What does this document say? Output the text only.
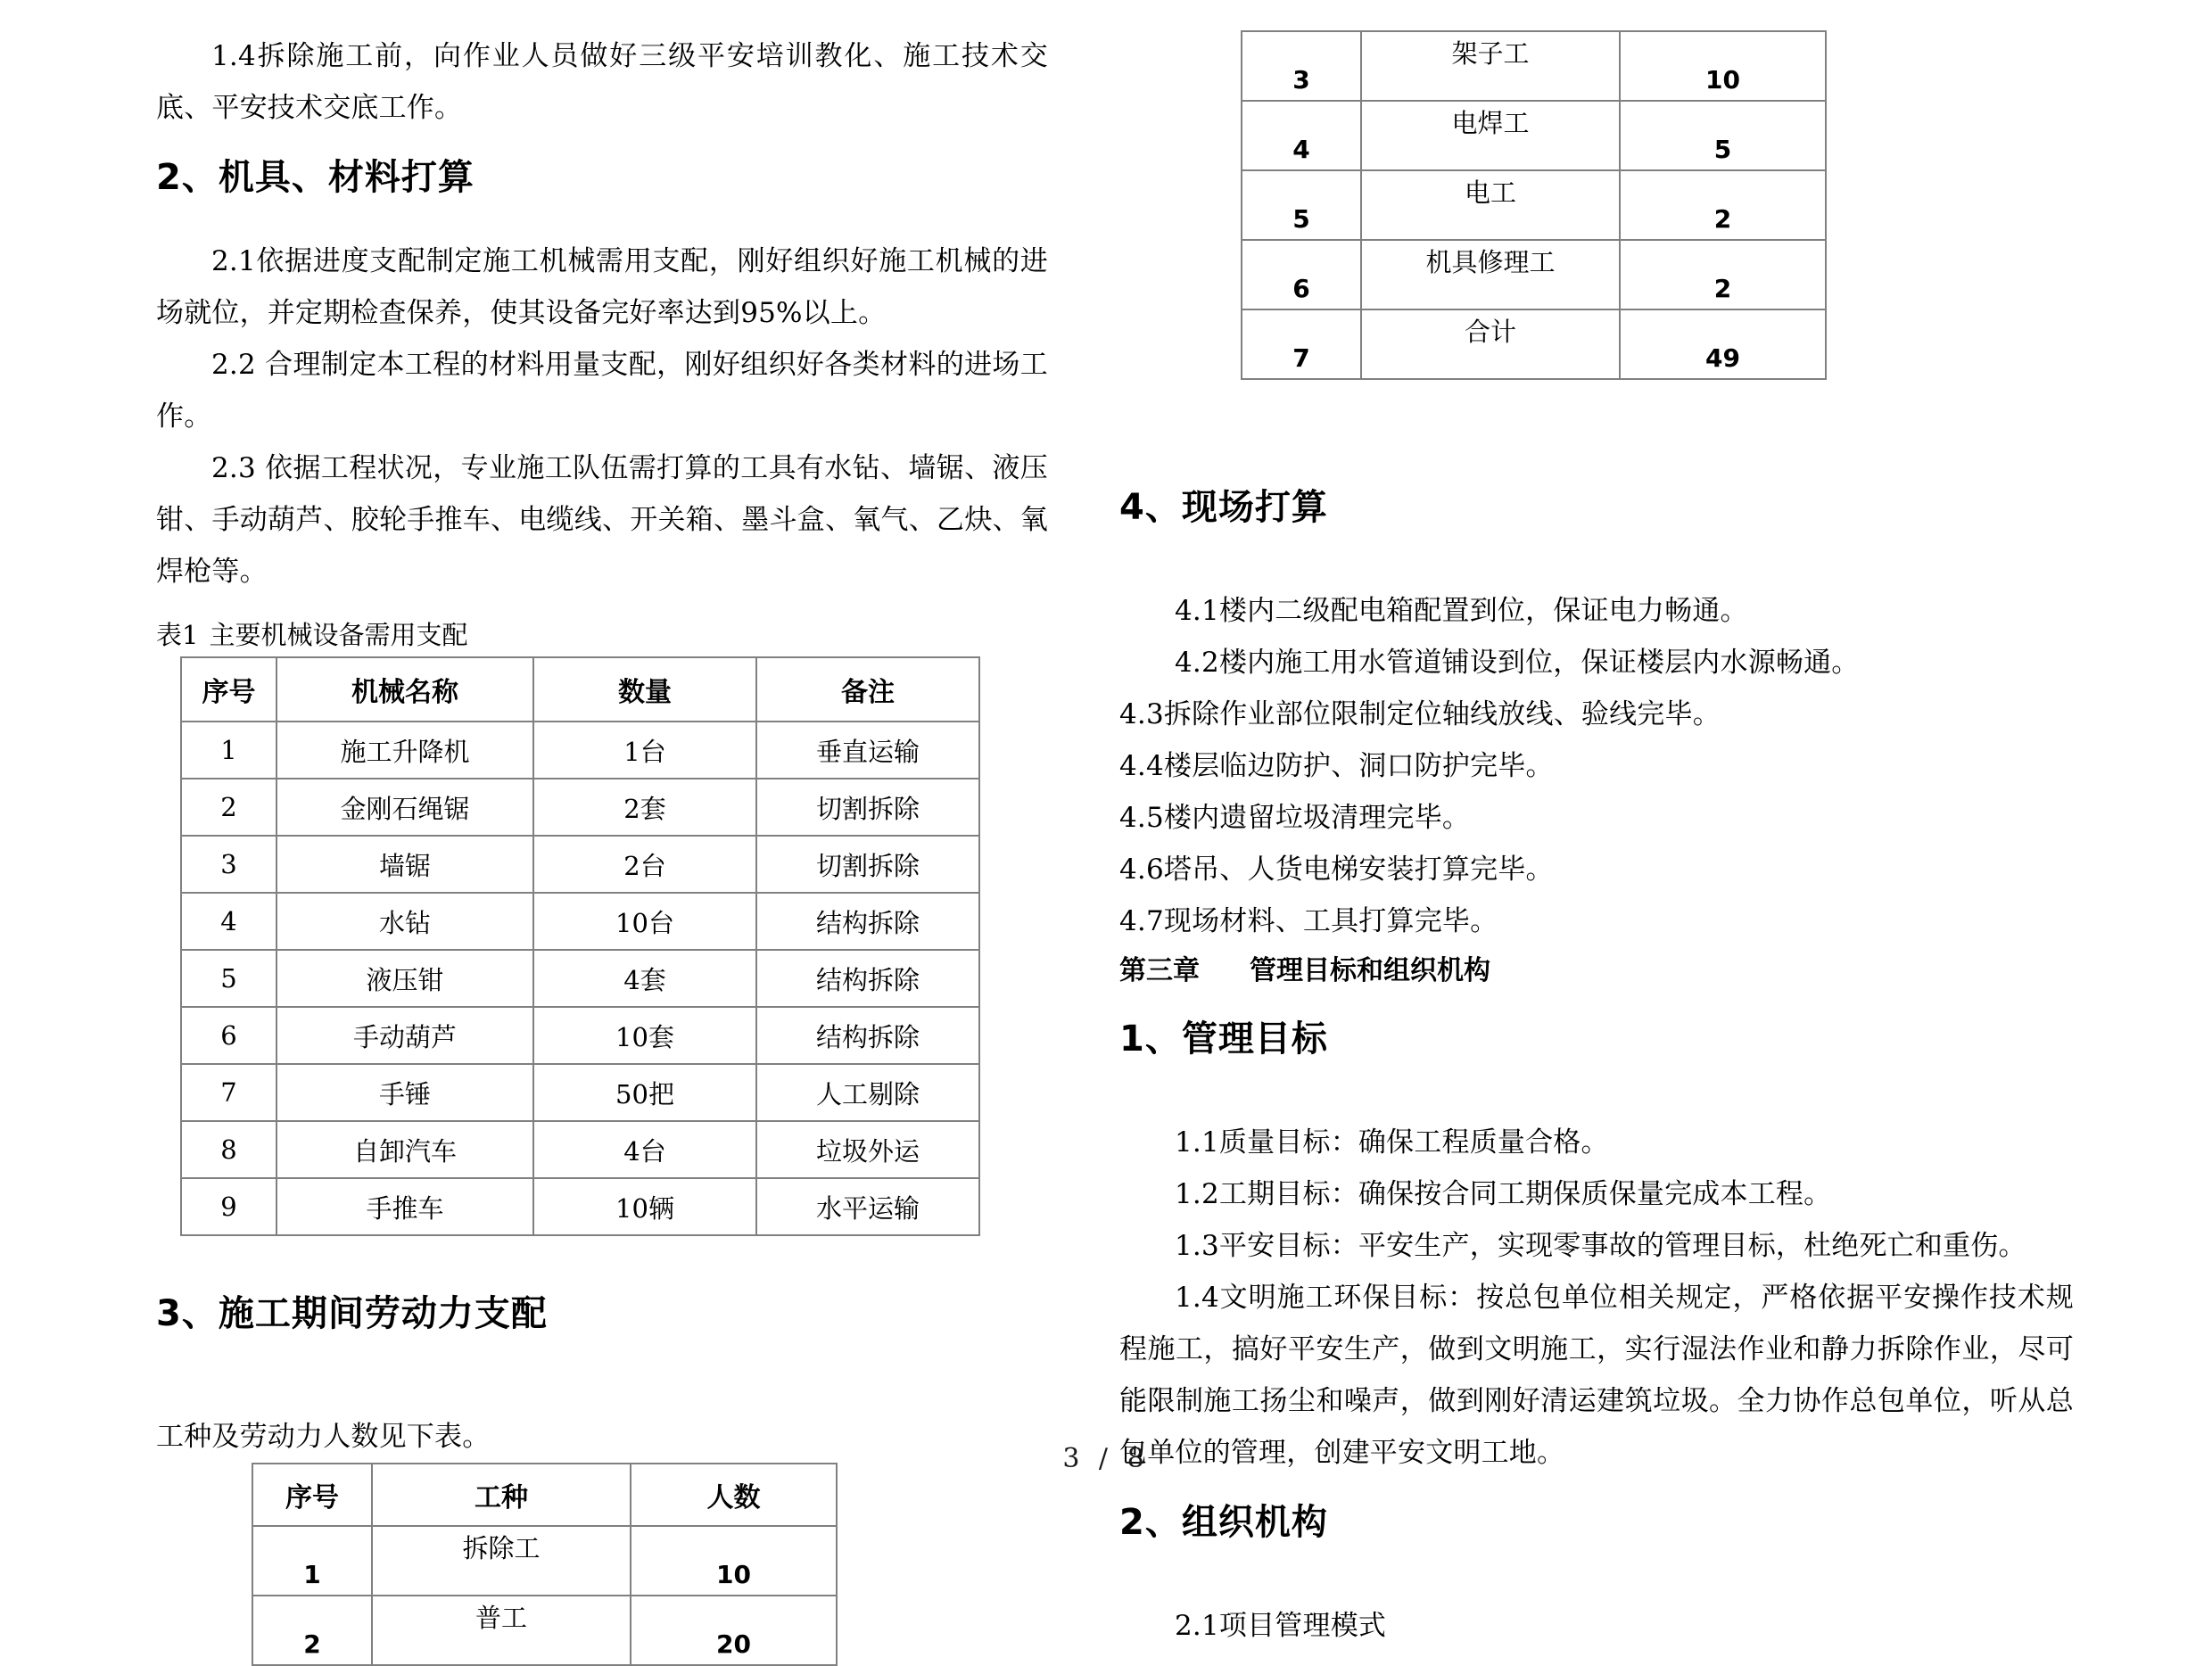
1.4拆除施工前，向作业人员做好三级平安培训教化、施工技术交底、平安技术交底工作。

2、机具、材料打算

2.1依据进度支配制定施工机械需用支配，刚好组织好施工机械的进场就位，并定期检查保养，使其设备完好率达到95%以上。

2.2 合理制定本工程的材料用量支配，刚好组织好各类材料的进场工作。

2.3 依据工程状况，专业施工队伍需打算的工具有水钻、墙锯、液压钳、手动葫芦、胶轮手推车、电缆线、开关箱、墨斗盒、氧气、乙炔、氧焊枪等。

表1 主要机械设备需用支配

序号	机械名称	数量	备注
1	施工升降机	1台	垂直运输
2	金刚石绳锯	2套	切割拆除
3	墙锯	2台	切割拆除
4	水钻	10台	结构拆除
5	液压钳	4套	结构拆除
6	手动葫芦	10套	结构拆除
7	手锤	50把	人工剔除
8	自卸汽车	4台	垃圾外运
9	手推车	10辆	水平运输
3、施工期间劳动力支配

工种及劳动力人数见下表。

序号	工种	人数
1	拆除工	10
2	普工	20
3	架子工	10
4	电焊工	5
5	电工	2
6	机具修理工	2
7	合计	49
4、现场打算

4.1楼内二级配电箱配置到位，保证电力畅通。

4.2楼内施工用水管道铺设到位，保证楼层内水源畅通。

4.3拆除作业部位限制定位轴线放线、验线完毕。

4.4楼层临边防护、洞口防护完毕。

4.5楼内遗留垃圾清理完毕。

4.6塔吊、人货电梯安装打算完毕。

4.7现场材料、工具打算完毕。

第三章 管理目标和组织机构
1、管理目标

1.1质量目标：确保工程质量合格。

1.2工期目标：确保按合同工期保质保量完成本工程。

1.3平安目标：平安生产，实现零事故的管理目标，杜绝死亡和重伤。

1.4文明施工环保目标：按总包单位相关规定，严格依据平安操作技术规程施工，搞好平安生产，做到文明施工，实行湿法作业和静力拆除作业，尽可能限制施工扬尘和噪声，做到刚好清运建筑垃圾。全力协作总包单位，听从总包单位的管理，创建平安文明工地。

2、组织机构

2.1项目管理模式

3 / 8
